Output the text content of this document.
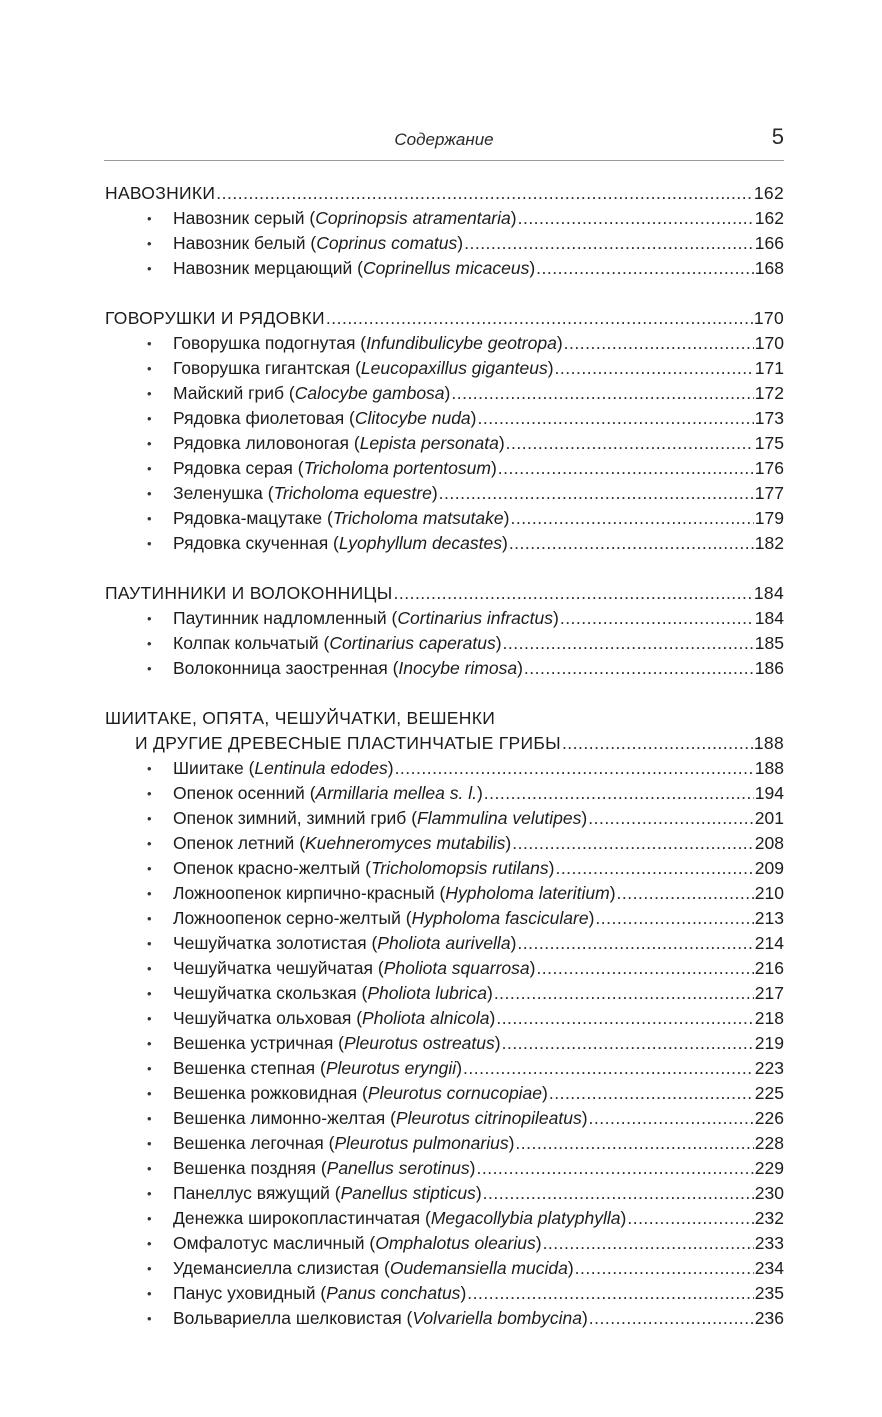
Содержание	5
НАВОЗНИКИ .....	162
•	Навозник серый (Coprinopsis atramentaria) .....	162
•	Навозник белый (Coprinus comatus) .....	166
•	Навозник мерцающий (Coprinellus micaceus) .....	168
ГОВОРУШКИ И РЯДОВКИ .....	170
•	Говорушка подогнутая (Infundibulicybe geotropa) .....	170
•	Говорушка гигантская (Leucopaxillus giganteus) .....	171
•	Майский гриб (Calocybe gambosa) .....	172
•	Рядовка фиолетовая (Clitocybe nuda) .....	173
•	Рядовка лиловоногая (Lepista personata) .....	175
•	Рядовка серая (Tricholoma portentosum) .....	176
•	Зеленушка (Tricholoma equestre) .....	177
•	Рядовка-мацутаке (Tricholoma matsutake) .....	179
•	Рядовка скученная (Lyophyllum decastes) .....	182
ПАУТИННИКИ И ВОЛОКОННИЦЫ .....	184
•	Паутинник надломленный (Cortinarius infractus) .....	184
•	Колпак кольчатый (Cortinarius caperatus) .....	185
•	Волоконница заостренная (Inocybe rimosa) .....	186
ШИИТАКЕ, ОПЯТА, ЧЕШУЙЧАТКИ, ВЕШЕНКИ
И ДРУГИЕ ДРЕВЕСНЫЕ ПЛАСТИНЧАТЫЕ ГРИБЫ .....	188
•	Шиитаке (Lentinula edodes) .....	188
•	Опенок осенний (Armillaria mellea s. l.) .....	194
•	Опенок зимний, зимний гриб (Flammulina velutipes) .....	201
•	Опенок летний (Kuehneromyces mutabilis) .....	208
•	Опенок красно-желтый (Tricholomopsis rutilans) .....	209
•	Ложноопенок кирпично-красный (Hypholoma lateritium) .....	210
•	Ложноопенок серно-желтый (Hypholoma fasciculare) .....	213
•	Чешуйчатка золотистая (Pholiota aurivella) .....	214
•	Чешуйчатка чешуйчатая (Pholiota squarrosa) .....	216
•	Чешуйчатка скользкая (Pholiota lubrica) .....	217
•	Чешуйчатка ольховая (Pholiota alnicola) .....	218
•	Вешенка устричная (Pleurotus ostreatus) .....	219
•	Вешенка степная (Pleurotus eryngii) .....	223
•	Вешенка рожковидная (Pleurotus cornucopiae) .....	225
•	Вешенка лимонно-желтая (Pleurotus citrinopileatus) .....	226
•	Вешенка легочная (Pleurotus pulmonarius) .....	228
•	Вешенка поздняя (Panellus serotinus) .....	229
•	Панеллус вяжущий (Panellus stipticus) .....	230
•	Денежка широкопластинчатая (Megacollybia platyphylla) .....	232
•	Омфалотус масличный (Omphalotus olearius) .....	233
•	Удемансиелла слизистая (Oudemansiella mucida) .....	234
•	Панус уховидный (Panus conchatus) .....	235
•	Вольвариелла шелковистая (Volvariella bombycina) .....	236
